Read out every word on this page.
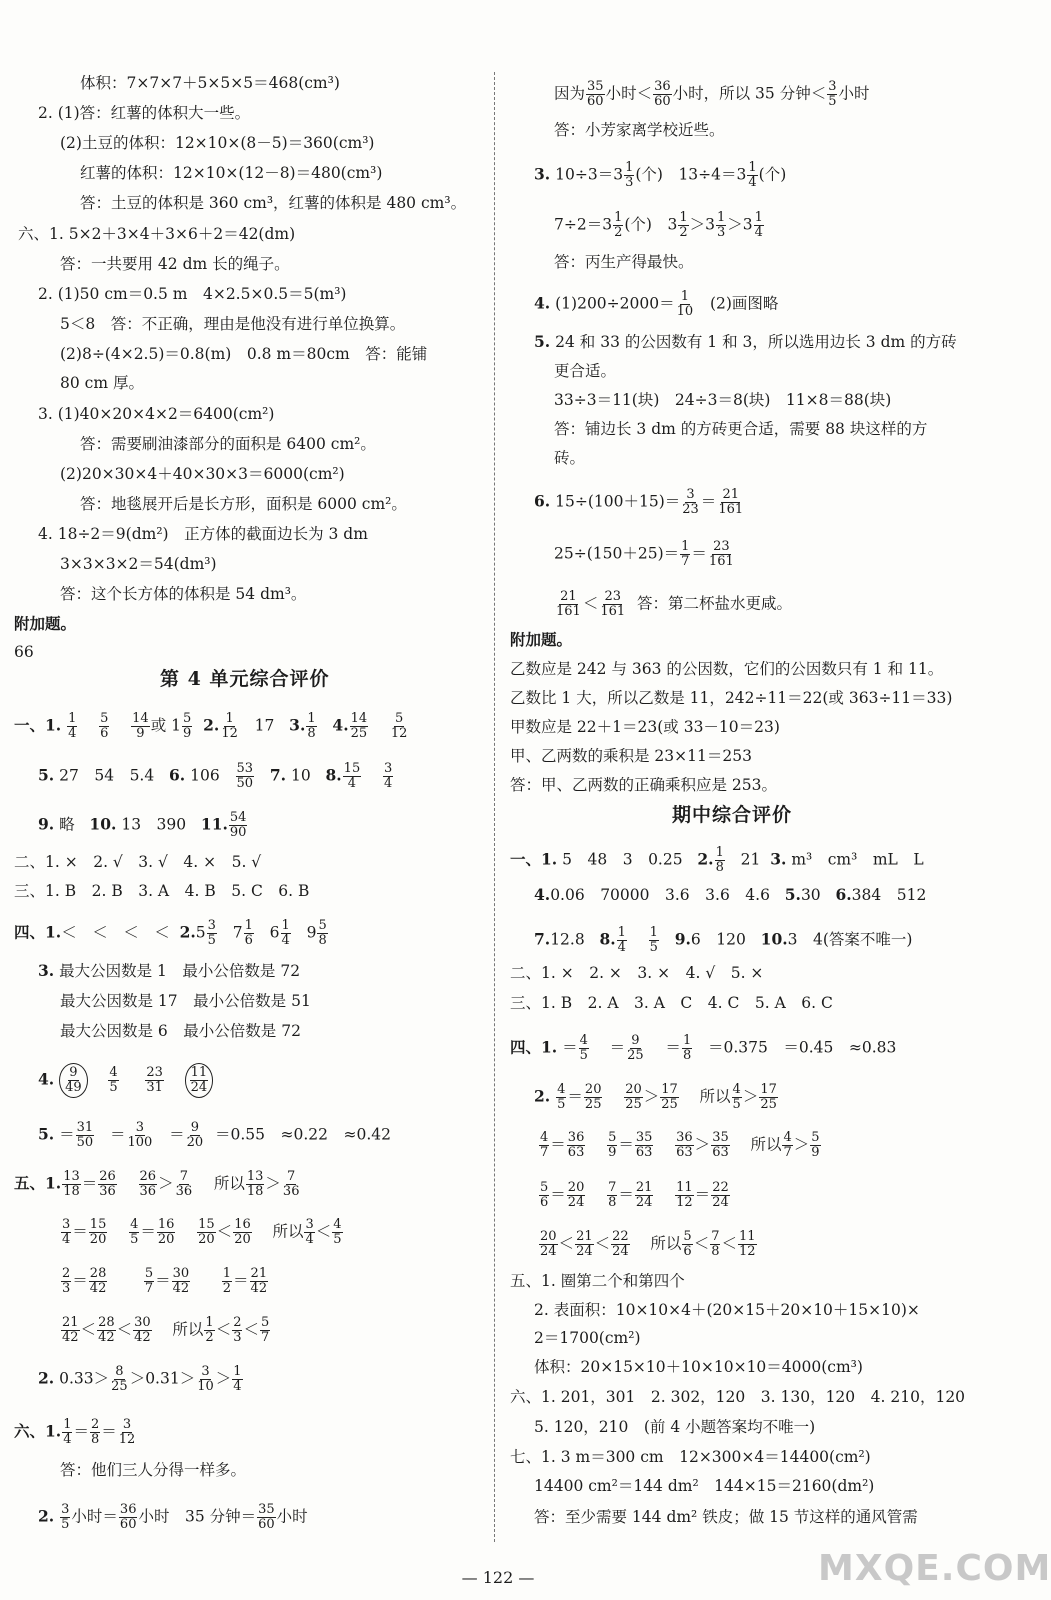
体积：7×7×7＋5×5×5＝468(cm³)
2. (1)答：红薯的体积大一些。
(2)土豆的体积：12×10×(8－5)＝360(cm³)
红薯的体积：12×10×(12－8)＝480(cm³)
答：土豆的体积是 360 cm³，红薯的体积是 480 cm³。
六、1. 5×2＋3×4＋3×6＋2＝42(dm)
答：一共要用 42 dm 长的绳子。
2. (1)50 cm＝0.5 m　4×2.5×0.5＝5(m³)
5＜8　答：不正确，理由是他没有进行单位换算。
(2)8÷(4×2.5)＝0.8(m)　0.8 m＝80cm　答：能铺
80 cm 厚。
3. (1)40×20×4×2＝6400(cm²)
答：需要刷油漆部分的面积是 6400 cm²。
(2)20×30×4＋40×30×3＝6000(cm²)
答：地毯展开后是长方形，面积是 6000 cm²。
4. 18÷2＝9(dm²)　正方体的截面边长为 3 dm
3×3×3×2＝54(dm³)
答：这个长方体的体积是 54 dm³。
附加题。
66
第 4 单元综合评价
一、1. $\frac{1}{4}$
$\frac{5}{6}$
$\frac{14}{9}$ 或 $1 \frac{5}{9} 2$. $\frac{1}{12} 17$ 3. $\frac{1}{8} 4$. $\frac{14}{25}$
$\frac{5}{12}$
5. 27　54　5.4 6. $106 \frac{53}{50} 7$. 10 8. $\frac{15}{4}$
$\frac{3}{4}$
9. 略 10. 13　390 11. $\frac{54}{90}$
二、1. ×　2. √　3. √　4. ×　5. √
三、1. B　2. B　3. A　4. B　5. C　6. B
四、1.＜　＜　＜　＜ $2.5 \frac{3}{5} 7 \frac{1}{6} 6 \frac{1}{4} 9 \frac{5}{8}$
3. 最大公因数是 1　最小公倍数是 72
最大公因数是 17　最小公倍数是 51
最大公因数是 6　最小公倍数是 72
4. $\frac{9}{49}$
$\frac{4}{5}$
$\frac{23}{31}$
$\frac{11}{24}$
5. ＝ $\frac{31}{50} = \frac{3}{100} = \frac{9}{20} =0.55$　≈0.22　≈0.42
五、1. $\frac{13}{18} = \frac{26}{36}$
$\frac{26}{36} > \frac{7}{36}$ 所以 $\frac{13}{18} > \frac{7}{36}$
$\frac{3}{4} = \frac{15}{20}$
$\frac{4}{5} = \frac{16}{20}$
$\frac{15}{20} < \frac{16}{20}$ 所以 $\frac{3}{4} < \frac{4}{5}$
$\frac{2}{3} = \frac{28}{42}$
	$\frac{5}{7} = \frac{30}{42}$
$\frac{1}{2} = \frac{21}{42}$
$\frac{21}{42} < \frac{28}{42} < \frac{30}{42}$ 所以 $\frac{1}{2} < \frac{2}{3} < \frac{5}{7}$
2. $0.33> \frac{8}{25} >0.31> \frac{3}{10} > \frac{1}{4}$
六、1. $\frac{1}{4} = \frac{2}{8} = \frac{3}{12}$
答：他们三人分得一样多。
2. $\frac{3}{5}$ 小时＝ $\frac{36}{60}$ 小时　35 分钟＝ $\frac{35}{60}$ 小时
因为 $\frac{35}{60}$ 小时＜ $\frac{36}{60}$ 小时，所以 35 分钟＜ $\frac{3}{5}$ 小时
答：小芳家离学校近些。
3. $10\div 3=3 \frac{1}{3}$ (个)　$13\div 4=3 \frac{1}{4}$ (个)
$7\div 2=3 \frac{1}{2}$ (个)　$3 \frac{1}{2} >3 \frac{1}{3} >3 \frac{1}{4}$
答：丙生产得最快。
4. $(1)200\div 2000= \frac{1}{10} (2)$画图略
5. 24 和 33 的公因数有 1 和 3，所以选用边长 3 dm 的方砖
更合适。
33÷3＝11(块)　24÷3＝8(块)　11×8＝88(块)
答：铺边长 3 dm 的方砖更合适，需要 88 块这样的方
砖。
6. $15\div(100+15)= \frac{3}{23} = \frac{21}{161}$
$25\div(150+25)= \frac{1}{7} = \frac{23}{161}$
$\frac{21}{161} < \frac{23}{161}$ 答：第二杯盐水更咸。
附加题。
乙数应是 242 与 363 的公因数，它们的公因数只有 1 和 11。
乙数比 1 大，所以乙数是 11，242÷11＝22(或 363÷11＝33)
甲数应是 22＋1＝23(或 33－10＝23)
甲、乙两数的乘积是 23×11＝253
答：甲、乙两数的正确乘积应是 253。
期中综合评价
一、1. 5　48　3　0.25 2. $\frac{1}{8} 21$ 3. m³　cm³　mL　L
4.0.06　70000　3.6　3.6　4.6 5.30 6.384　512
7.12.8 8. $\frac{1}{4}$
$\frac{1}{5} 9.6$　120 10.3　4(答案不唯一)
二、1. ×　2. ×　3. ×　4. √　5. ×
三、1. B　2. A　3. A　C　4. C　5. A　6. C
四、1. ＝ $\frac{4}{5} = \frac{9}{25} = \frac{1}{8} =0.375$　＝0.45　≈0.83
2. $\frac{4}{5} = \frac{20}{25}$
$\frac{20}{25} > \frac{17}{25}$ 所以 $\frac{4}{5} > \frac{17}{25}$
$\frac{4}{7} = \frac{36}{63}$
$\frac{5}{9} = \frac{35}{63}$
$\frac{36}{63} > \frac{35}{63}$ 所以 $\frac{4}{7} > \frac{5}{9}$
$\frac{5}{6} = \frac{20}{24}$
$\frac{7}{8} = \frac{21}{24}$
$\frac{11}{12} = \frac{22}{24}$
$\frac{20}{24} < \frac{21}{24} < \frac{22}{24}$ 所以 $\frac{5}{6} < \frac{7}{8} < \frac{11}{12}$
五、1. 圈第二个和第四个
2. 表面积：10×10×4＋(20×15＋20×10＋15×10)×
2＝1700(cm²)
体积：20×15×10＋10×10×10＝4000(cm³)
六、1. 201，301　2. 302，120　3. 130，120　4. 210，120
5. 120，210　(前 4 小题答案均不唯一)
七、1. 3 m＝300 cm　12×300×4＝14400(cm²)
14400 cm²＝144 dm²　144×15＝2160(dm²)
答：至少需要 144 dm² 铁皮；做 15 节这样的通风管需
MXQE.COM
— 122 —
